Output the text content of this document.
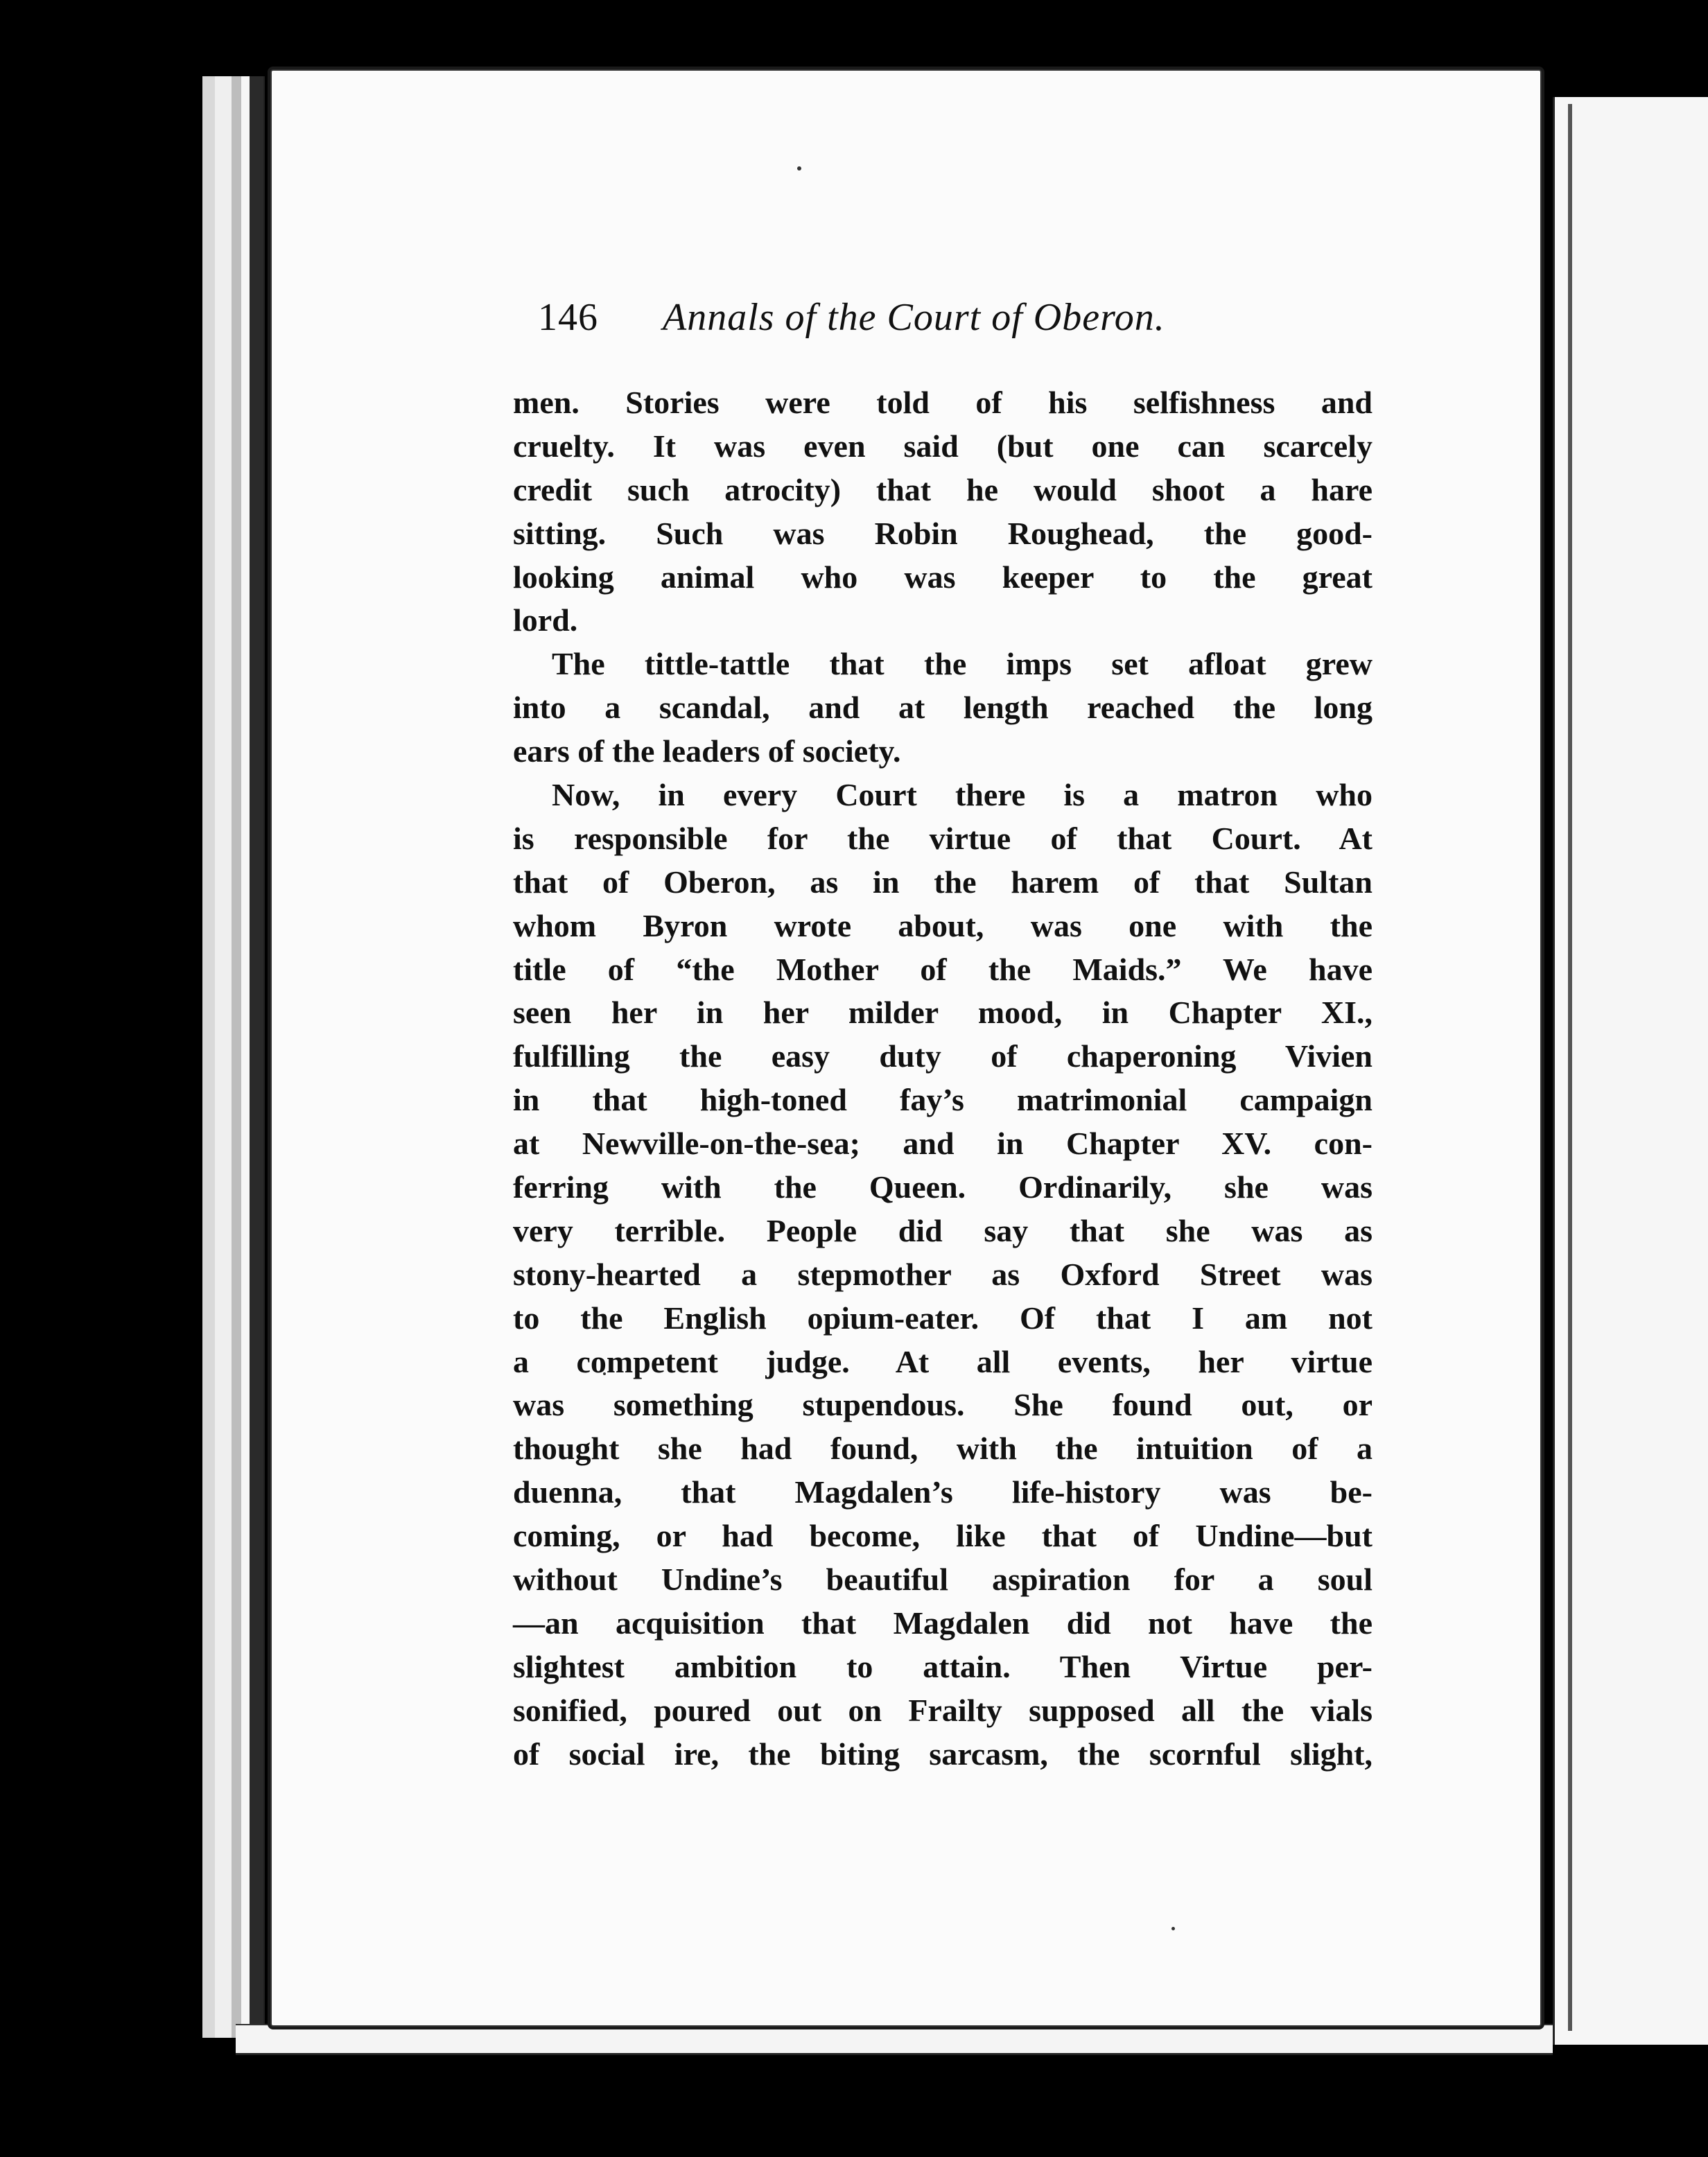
146 Annals of the Court of Oberon.
men. Stories were told of his selfishness and
cruelty. It was even said (but one can scarcely
credit such atrocity) that he would shoot a hare
sitting. Such was Robin Roughead, the good-
looking animal who was keeper to the great
lord.
The tittle-tattle that the imps set afloat grew
into a scandal, and at length reached the long
ears of the leaders of society.
Now, in every Court there is a matron who
is responsible for the virtue of that Court. At
that of Oberon, as in the harem of that Sultan
whom Byron wrote about, was one with the
title of “the Mother of the Maids.” We have
seen her in her milder mood, in Chapter XI.,
fulfilling the easy duty of chaperoning Vivien
in that high-toned fay’s matrimonial campaign
at Newville-on-the-sea; and in Chapter XV. con-
ferring with the Queen. Ordinarily, she was
very terrible. People did say that she was as
stony-hearted a stepmother as Oxford Street was
to the English opium-eater. Of that I am not
a competent judge. At all events, her virtue
was something stupendous. She found out, or
thought she had found, with the intuition of a
duenna, that Magdalen’s life-history was be-
coming, or had become, like that of Undine—but
without Undine’s beautiful aspiration for a soul
—an acquisition that Magdalen did not have the
slightest ambition to attain. Then Virtue per-
sonified, poured out on Frailty supposed all the vials
of social ire, the biting sarcasm, the scornful slight,
